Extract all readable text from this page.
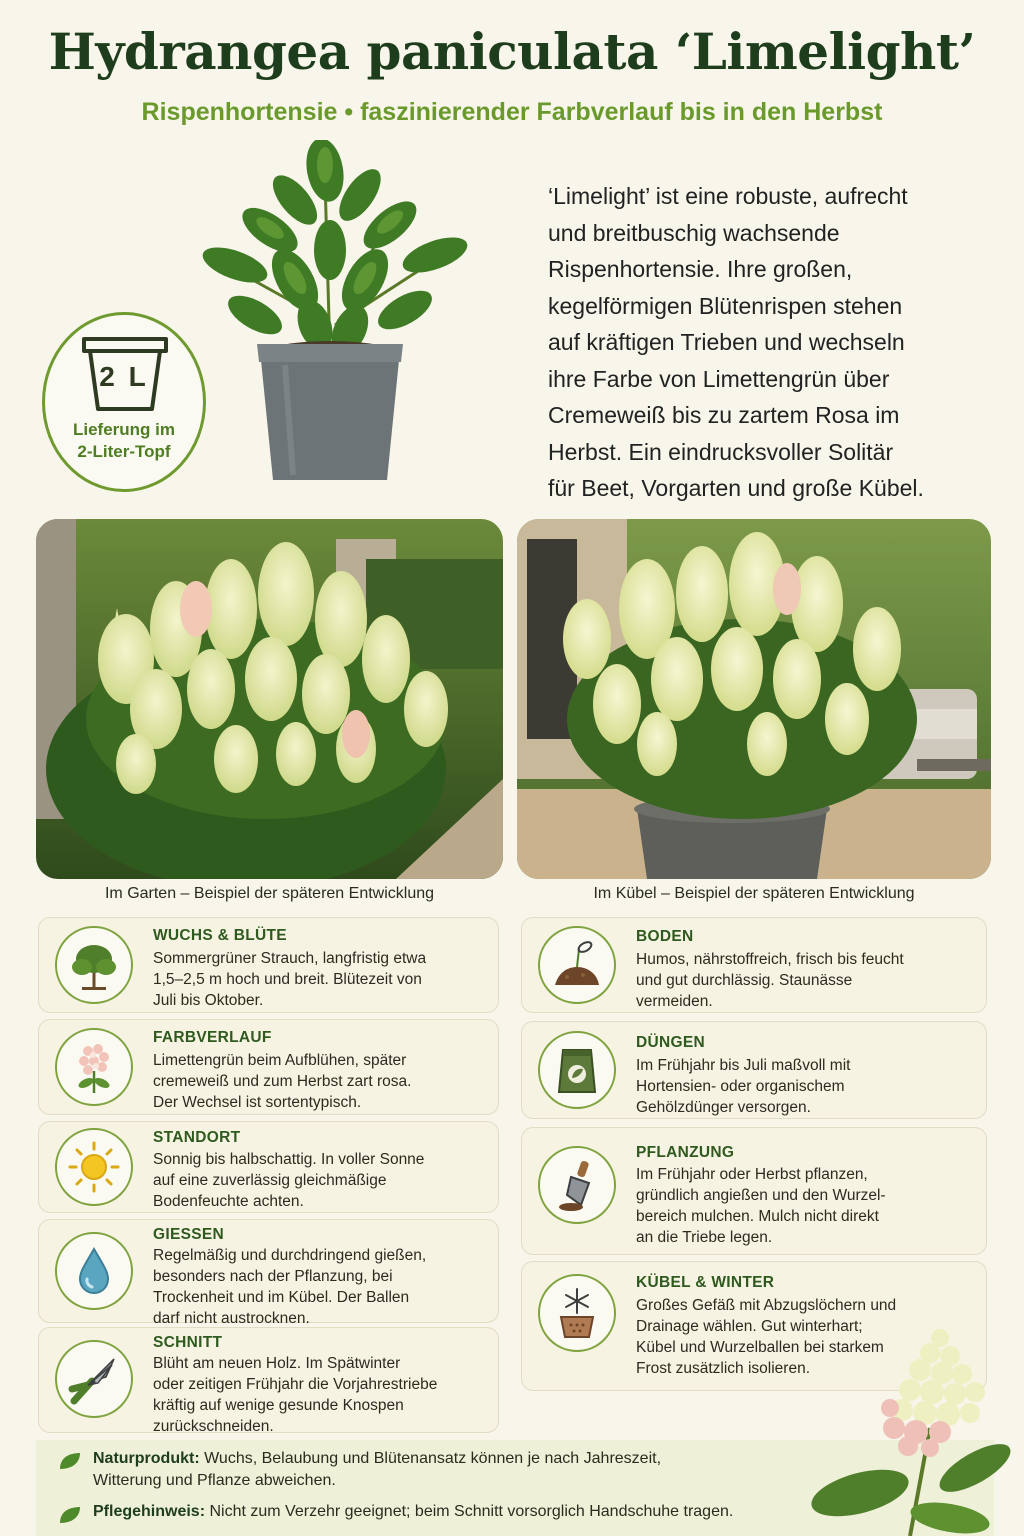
Hydrangea paniculata ‘Limelight’
Rispenhortensie • faszinierender Farbverlauf bis in den Herbst
2 L
Lieferung im
2-Liter-Topf
‘Limelight’ ist eine robuste, aufrecht
und breitbuschig wachsende
Rispenhortensie. Ihre großen,
kegelförmigen Blütenrispen stehen
auf kräftigen Trieben und wechseln
ihre Farbe von Limettengrün über
Cremeweiß bis zu zartem Rosa im
Herbst. Ein eindrucksvoller Solitär
für Beet, Vorgarten und große Kübel.
Im Garten – Beispiel der späteren Entwicklung	Im Kübel – Beispiel der späteren Entwicklung
WUCHS & BLÜTE
Sommergrüner Strauch, langfristig etwa
1,5–2,5 m hoch und breit. Blütezeit von
Juli bis Oktober.
FARBVERLAUF
Limettengrün beim Aufblühen, später
cremeweiß und zum Herbst zart rosa.
Der Wechsel ist sortentypisch.
STANDORT
Sonnig bis halbschattig. In voller Sonne
auf eine zuverlässig gleichmäßige
Bodenfeuchte achten.
GIESSEN
Regelmäßig und durchdringend gießen,
besonders nach der Pflanzung, bei
Trockenheit und im Kübel. Der Ballen
darf nicht austrocknen.
SCHNITT
Blüht am neuen Holz. Im Spätwinter
oder zeitigen Frühjahr die Vorjahrestriebe
kräftig auf wenige gesunde Knospen
zurückschneiden.
BODEN
Humos, nährstoffreich, frisch bis feucht
und gut durchlässig. Staunässe
vermeiden.
DÜNGEN
Im Frühjahr bis Juli maßvoll mit
Hortensien- oder organischem
Gehölzdünger versorgen.
PFLANZUNG
Im Frühjahr oder Herbst pflanzen,
gründlich angießen und den Wurzel-
bereich mulchen. Mulch nicht direkt
an die Triebe legen.
KÜBEL & WINTER
Großes Gefäß mit Abzugslöchern und
Drainage wählen. Gut winterhart;
Kübel und Wurzelballen bei starkem
Frost zusätzlich isolieren.
Naturprodukt: Wuchs, Belaubung und Blütenansatz können je nach Jahreszeit,
Witterung und Pflanze abweichen.
Pflegehinweis: Nicht zum Verzehr geeignet; beim Schnitt vorsorglich Handschuhe tragen.
